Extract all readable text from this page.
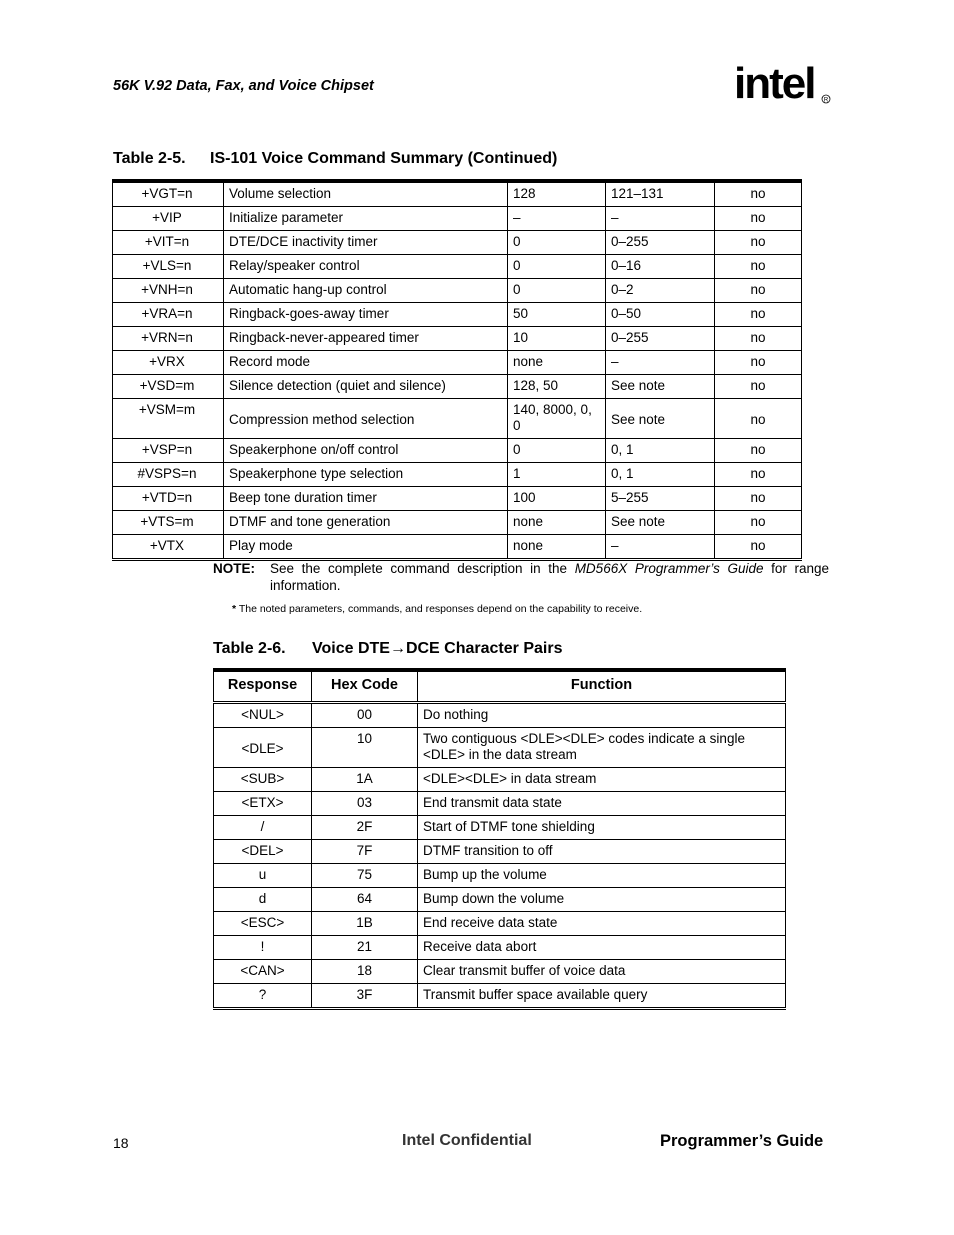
56K V.92 Data, Fax, and Voice Chipset	intel R
Table 2-5. IS-101 Voice Command Summary (Continued)
+VGT=n	Volume selection	128	121–131	no
+VIP	Initialize parameter	–	–	no
+VIT=n	DTE/DCE inactivity timer	0	0–255	no
+VLS=n	Relay/speaker control	0	0–16	no
+VNH=n	Automatic hang-up control	0	0–2	no
+VRA=n	Ringback-goes-away timer	50	0–50	no
+VRN=n	Ringback-never-appeared timer	10	0–255	no
+VRX	Record mode	none	–	no
+VSD=m	Silence detection (quiet and silence)	128, 50	See note	no
+VSM=m	Compression method selection	140, 8000, 0, 0	See note	no
+VSP=n	Speakerphone on/off control	0	0, 1	no
#VSPS=n	Speakerphone type selection	1	0, 1	no
+VTD=n	Beep tone duration timer	100	5–255	no
+VTS=m	DTMF and tone generation	none	See note	no
+VTX	Play mode	none	–	no
NOTE: See the complete command description in the MD566X Programmer’s Guide for range information.
* The noted parameters, commands, and responses depend on the capability to receive.
Table 2-6. Voice DTE→DCE Character Pairs
Response	Hex Code	Function
<NUL>	00	Do nothing
<DLE>	10	Two contiguous <DLE><DLE> codes indicate a single <DLE> in the data stream
<SUB>	1A	<DLE><DLE> in data stream
<ETX>	03	End transmit data state
/	2F	Start of DTMF tone shielding
<DEL>	7F	DTMF transition to off
u	75	Bump up the volume
d	64	Bump down the volume
<ESC>	1B	End receive data state
!	21	Receive data abort
<CAN>	18	Clear transmit buffer of voice data
?	3F	Transmit buffer space available query
18	Intel Confidential	Programmer’s Guide
